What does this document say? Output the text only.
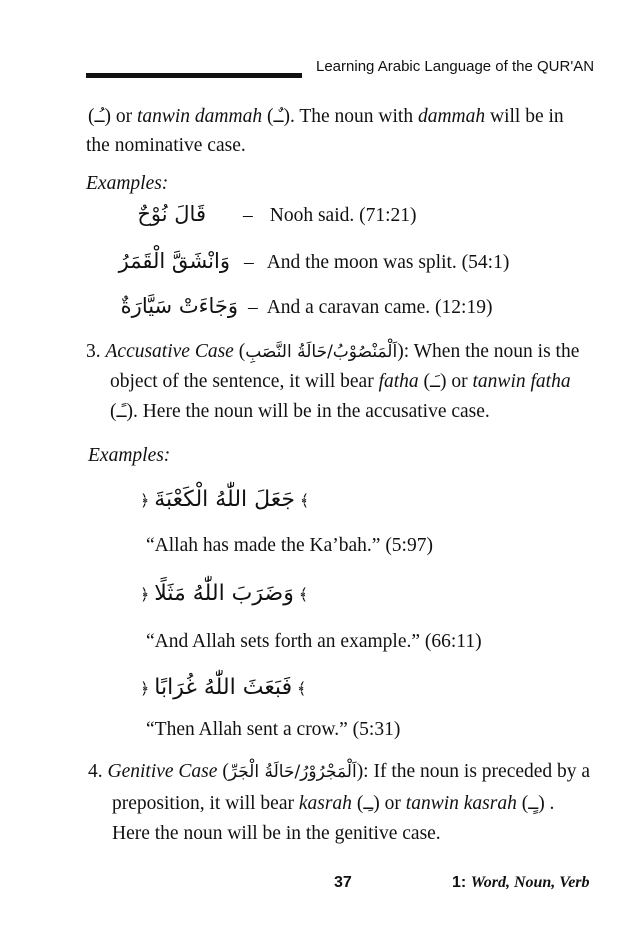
Learning Arabic Language of the QUR'AN
(ـُـ) or tanwin dammah (ـٌـ). The noun with dammah will be in
the nominative case.
Examples:
قَالَ نُوْحٌ – Nooh said. (71:21)
وَانْشَقَّ الْقَمَرُ – And the moon was split. (54:1)
وَجَاءَتْ سَيَّارَةٌ – And a caravan came. (12:19)
3. Accusative Case (اَلْمَنْصُوْبُ/حَالَةُ النَّصَبِ): When the noun is the
object of the sentence, it will bear fatha (ـَـ) or tanwin fatha
(ـًـ). Here the noun will be in the accusative case.
Examples:
﴿ جَعَلَ اللّٰهُ الْكَعْبَةَ ﴾
“Allah has made the Ka’bah.” (5:97)
﴿ وَضَرَبَ اللّٰهُ مَثَلًا ﴾
“And Allah sets forth an example.” (66:11)
﴿ فَبَعَثَ اللّٰهُ غُرَابًا ﴾
“Then Allah sent a crow.” (5:31)
4. Genitive Case (اَلْمَجْرُوْرُ/حَالَةُ الْجَرِّ): If the noun is preceded by a
preposition, it will bear kasrah (ـِـ) or tanwin kasrah (ـٍـ) .
Here the noun will be in the genitive case.
37	1: Word, Noun, Verb
